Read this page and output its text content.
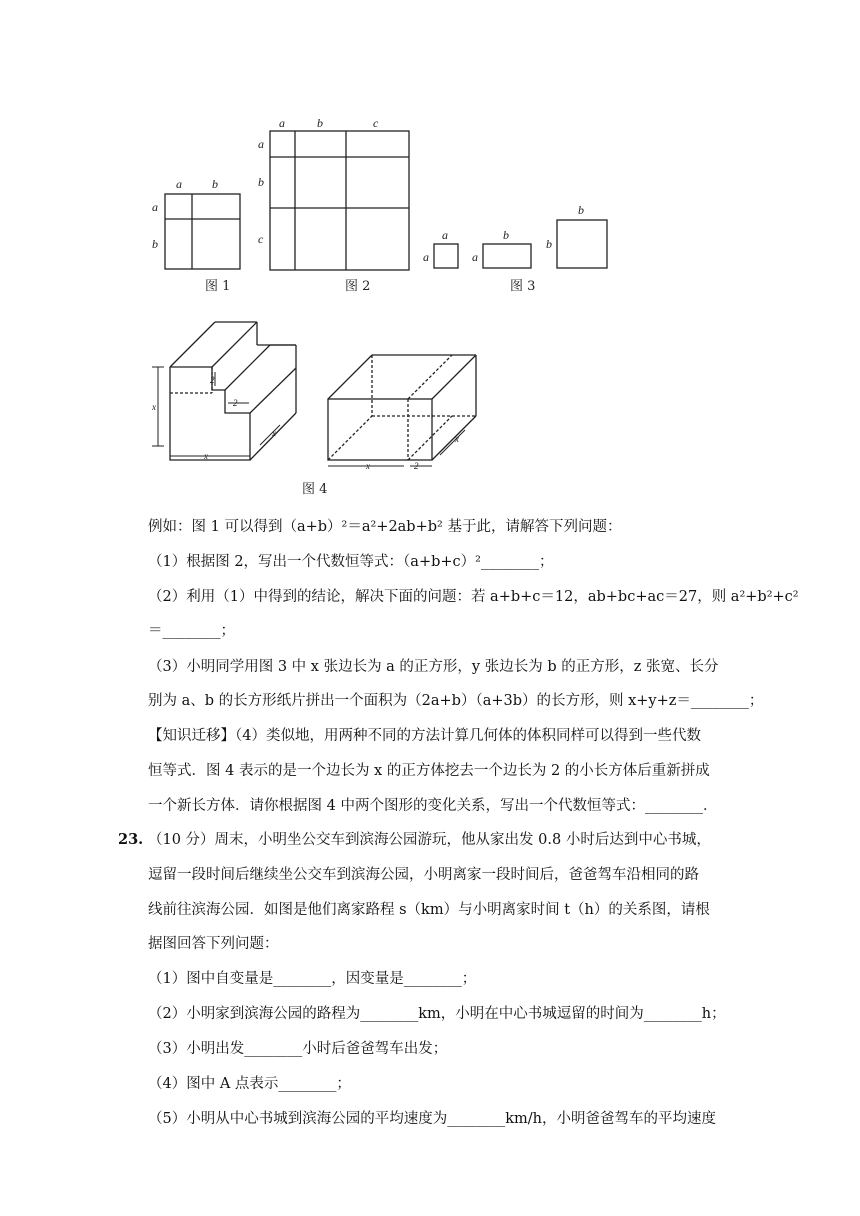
a	b
a
b
a	b	c
a
b
c	a
a
b
a
b
b
x
2
2
x
x
x	2
x
图 1	图 2	图 3
图 4
例如：图 1 可以得到（a+b）²＝a²+2ab+b² 基于此，请解答下列问题：
（1）根据图 2，写出一个代数恒等式：（a+b+c）²________；
（2）利用（1）中得到的结论，解决下面的问题：若 a+b+c＝12，ab+bc+ac＝27，则 a²+b²+c²
＝________；
（3）小明同学用图 3 中 x 张边长为 a 的正方形，y 张边长为 b 的正方形，z 张宽、长分
别为 a、b 的长方形纸片拼出一个面积为（2a+b）（a+3b）的长方形，则 x+y+z＝________；
【知识迁移】（4）类似地，用两种不同的方法计算几何体的体积同样可以得到一些代数
恒等式．图 4 表示的是一个边长为 x 的正方体挖去一个边长为 2 的小长方体后重新拼成
一个新长方体．请你根据图 4 中两个图形的变化关系，写出一个代数恒等式：________．
23. （10 分）周末，小明坐公交车到滨海公园游玩，他从家出发 0.8 小时后达到中心书城，
逗留一段时间后继续坐公交车到滨海公园，小明离家一段时间后，爸爸驾车沿相同的路
线前往滨海公园．如图是他们离家路程 s（km）与小明离家时间 t（h）的关系图，请根
据图回答下列问题：
（1）图中自变量是________，因变量是________；
（2）小明家到滨海公园的路程为________km，小明在中心书城逗留的时间为________h；
（3）小明出发________小时后爸爸驾车出发；
（4）图中 A 点表示________；
（5）小明从中心书城到滨海公园的平均速度为________km/h，小明爸爸驾车的平均速度
